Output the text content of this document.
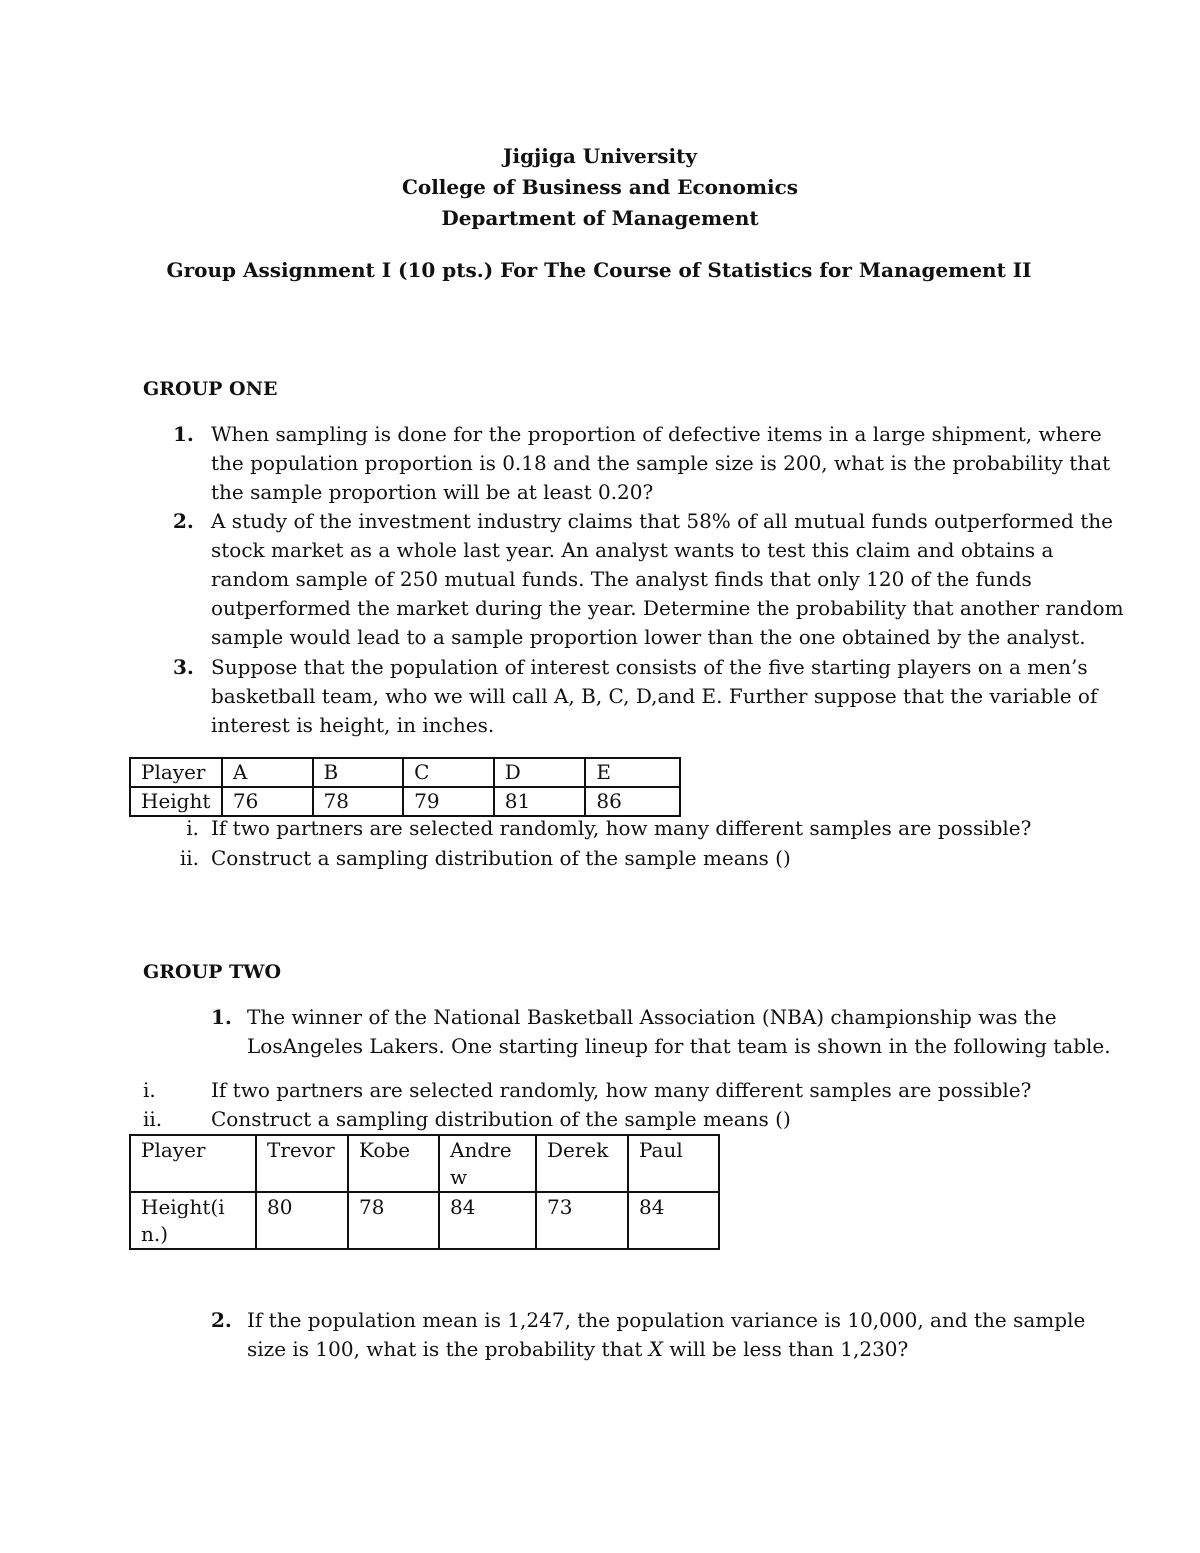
Jigjiga University
College of Business and Economics
Department of Management
Group Assignment I (10 pts.) For The Course of Statistics for Management II
GROUP ONE
1. When sampling is done for the proportion of defective items in a large shipment, where
the population proportion is 0.18 and the sample size is 200, what is the probability that
the sample proportion will be at least 0.20?
2. A study of the investment industry claims that 58% of all mutual funds outperformed the
stock market as a whole last year. An analyst wants to test this claim and obtains a
random sample of 250 mutual funds. The analyst finds that only 120 of the funds
outperformed the market during the year. Determine the probability that another random
sample would lead to a sample proportion lower than the one obtained by the analyst.
3. Suppose that the population of interest consists of the five starting players on a men’s
basketball team, who we will call A, B, C, D,and E. Further suppose that the variable of
interest is height, in inches.
Player	A	B	C	D	E
Height	76	78	79	81	86
i. If two partners are selected randomly, how many different samples are possible?
ii. Construct a sampling distribution of the sample means ()
GROUP TWO
1. The winner of the National Basketball Association (NBA) championship was the
LosAngeles Lakers. One starting lineup for that team is shown in the following table.
i.	If two partners are selected randomly, how many different samples are possible?
ii. Construct a sampling distribution of the sample means ()
Player	Trevor	Kobe	Andrew	Derek	Paul
Height(in.)	80	78	84	73	84
2. If the population mean is 1,247, the population variance is 10,000, and the sample
size is 100, what is the probability that X will be less than 1,230?
